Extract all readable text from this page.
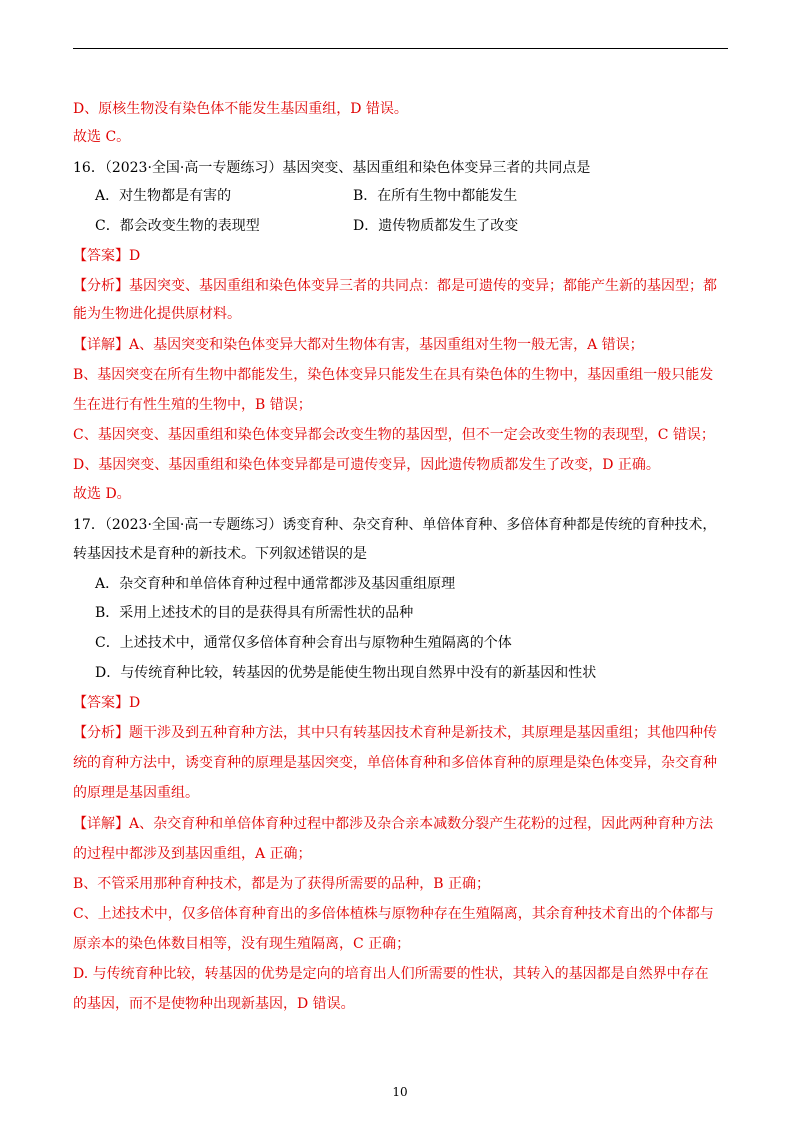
D、原核生物没有染色体不能发生基因重组，D 错误。
故选 C。
16．（2023·全国·高一专题练习）基因突变、基因重组和染色体变异三者的共同点是
A．对生物都是有害的	B．在所有生物中都能发生
C．都会改变生物的表现型	D．遗传物质都发生了改变
【答案】D
【分析】基因突变、基因重组和染色体变异三者的共同点：都是可遗传的变异；都能产生新的基因型；都
能为生物进化提供原材料。
【详解】A、基因突变和染色体变异大都对生物体有害，基因重组对生物一般无害，A 错误；
B、基因突变在所有生物中都能发生，染色体变异只能发生在具有染色体的生物中，基因重组一般只能发
生在进行有性生殖的生物中，B 错误；
C、基因突变、基因重组和染色体变异都会改变生物的基因型，但不一定会改变生物的表现型，C 错误；
D、基因突变、基因重组和染色体变异都是可遗传变异，因此遗传物质都发生了改变，D 正确。
故选 D。
17．（2023·全国·高一专题练习）诱变育种、杂交育种、单倍体育种、多倍体育种都是传统的育种技术，
转基因技术是育种的新技术。下列叙述错误的是
A．杂交育种和单倍体育种过程中通常都涉及基因重组原理
B．采用上述技术的目的是获得具有所需性状的品种
C．上述技术中，通常仅多倍体育种会育出与原物种生殖隔离的个体
D．与传统育种比较，转基因的优势是能使生物出现自然界中没有的新基因和性状
【答案】D
【分析】题干涉及到五种育种方法，其中只有转基因技术育种是新技术，其原理是基因重组；其他四种传
统的育种方法中，诱变育种的原理是基因突变，单倍体育种和多倍体育种的原理是染色体变异，杂交育种
的原理是基因重组。
【详解】A、杂交育种和单倍体育种过程中都涉及杂合亲本减数分裂产生花粉的过程，因此两种育种方法
的过程中都涉及到基因重组，A 正确；
B、不管采用那种育种技术，都是为了获得所需要的品种，B 正确；
C、上述技术中，仅多倍体育种育出的多倍体植株与原物种存在生殖隔离，其余育种技术育出的个体都与
原亲本的染色体数目相等，没有现生殖隔离，C 正确；
D. 与传统育种比较，转基因的优势是定向的培育出人们所需要的性状，其转入的基因都是自然界中存在
的基因，而不是使物种出现新基因，D 错误。
10
